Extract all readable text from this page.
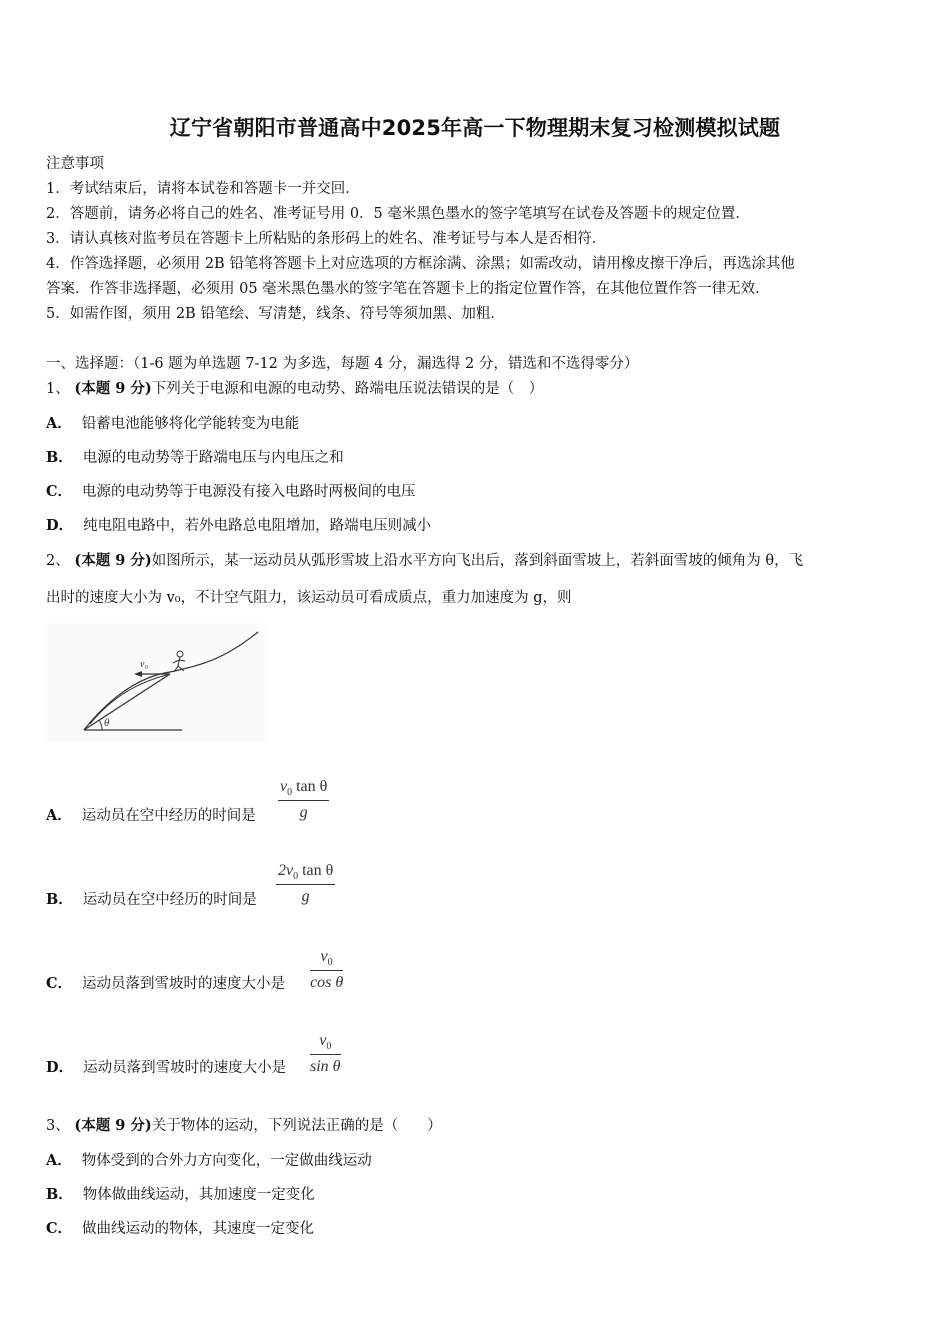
辽宁省朝阳市普通高中2025年高一下物理期末复习检测模拟试题
注意事项
1．考试结束后，请将本试卷和答题卡一并交回．
2．答题前，请务必将自己的姓名、准考证号用 0．5 毫米黑色墨水的签字笔填写在试卷及答题卡的规定位置．
3．请认真核对监考员在答题卡上所粘贴的条形码上的姓名、准考证号与本人是否相符．
4．作答选择题，必须用 2B 铅笔将答题卡上对应选项的方框涂满、涂黑；如需改动，请用橡皮擦干净后，再选涂其他
答案．作答非选择题，必须用 05 毫米黑色墨水的签字笔在答题卡上的指定位置作答，在其他位置作答一律无效．
5．如需作图，须用 2B 铅笔绘、写清楚，线条、符号等须加黑、加粗．
一、选择题：（1-6 题为单选题 7-12 为多选，每题 4 分，漏选得 2 分，错选和不选得零分）
1、 (本题 9 分)下列关于电源和电源的电动势、路端电压说法错误的是（　）
A． 铅蓄电池能够将化学能转变为电能
B． 电源的电动势等于路端电压与内电压之和
C． 电源的电动势等于电源没有接入电路时两极间的电压
D． 纯电阻电路中，若外电路总电阻增加，路端电压则减小
2、 (本题 9 分)如图所示，某一运动员从弧形雪坡上沿水平方向飞出后，落到斜面雪坡上，若斜面雪坡的倾角为 θ，飞
出时的速度大小为 v₀，不计空气阻力，该运动员可看成质点，重力加速度为 g，则
v₀
θ
A． 运动员在空中经历的时间是 $\frac{v_0 \tan \theta}{g}$
B． 运动员在空中经历的时间是 $\frac{2v_0 \tan \theta}{g}$
C． 运动员落到雪坡时的速度大小是 $\frac{v_0}{\text{cos θ}}$
D． 运动员落到雪坡时的速度大小是 $\frac{v_0}{\text{sin θ}}$
3、 (本题 9 分)关于物体的运动，下列说法正确的是（　　）
A． 物体受到的合外力方向变化，一定做曲线运动
B． 物体做曲线运动，其加速度一定变化
C． 做曲线运动的物体，其速度一定变化
